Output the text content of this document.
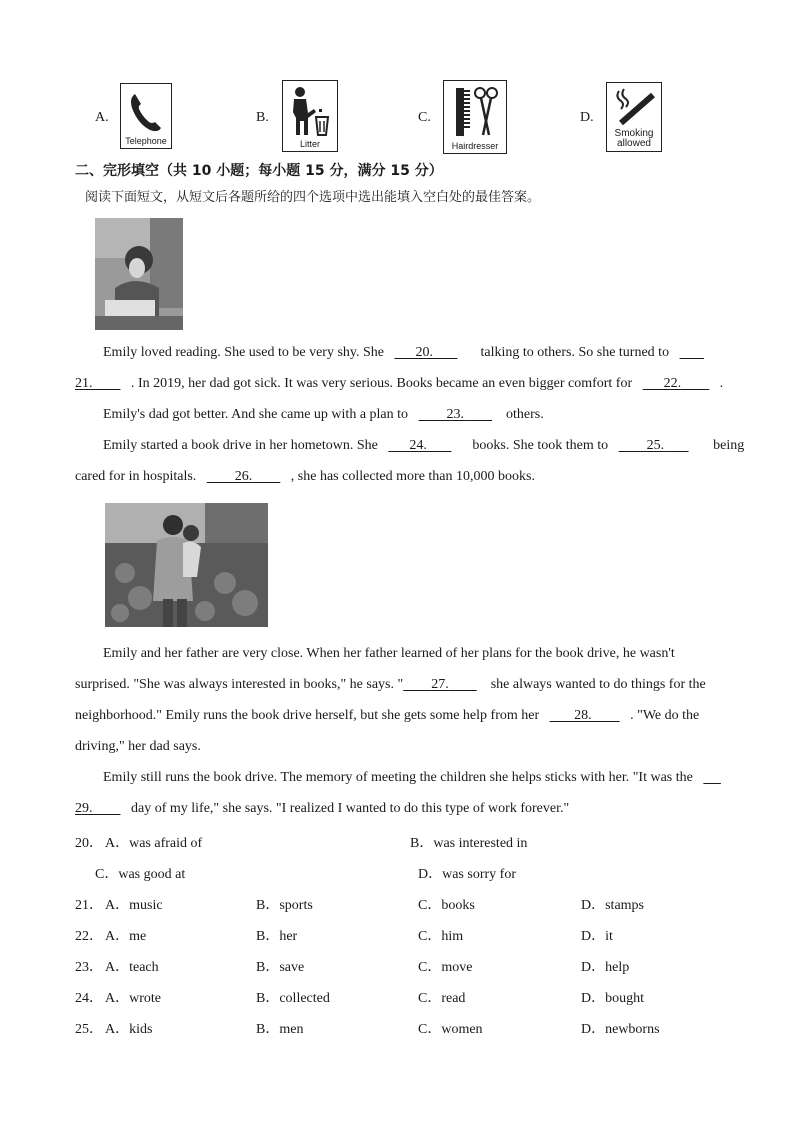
A.
Telephone
B.
Litter
C.
Hairdresser
D.
Smoking allowed
二、完形填空（共 10 小题；每小题 15 分，满分 15 分）
阅读下面短文，从短文后各题所给的四个选项中选出能填入空白处的最佳答案。
Emily loved reading. She used to be very shy. She 20.	talking to others. So she turned to
21.	. In 2019, her dad got sick. It was very serious. Books became an even bigger comfort for 22.	.
Emily's dad got better. And she came up with a plan to	23.	others.
Emily started a book drive in her hometown. She 24.	books. She took them to	25.	being
cared for in hospitals.	26.	, she has collected more than 10,000 books.
Emily and her father are very close. When her father learned of her plans for the book drive, he wasn't
surprised. "She was always interested in books," he says. " 27.	she always wanted to do things for the
neighborhood." Emily runs the book drive herself, but she gets some help from her	28.	. "We do the
driving," her dad says.
Emily still runs the book drive. The memory of meeting the children she helps sticks with her. "It was the
29.	day of my life," she says. "I realized I wanted to do this type of work forever."
20． A．was afraid of	B．was interested in
C．was good at	D．was sorry for
21． A．music	B．sports	C．books	D．stamps
22． A．me	B．her	C．him	D．it
23． A．teach	B．save	C．move	D．help
24． A．wrote	B．collected	C．read	D．bought
25． A．kids	B．men	C．women	D．newborns
